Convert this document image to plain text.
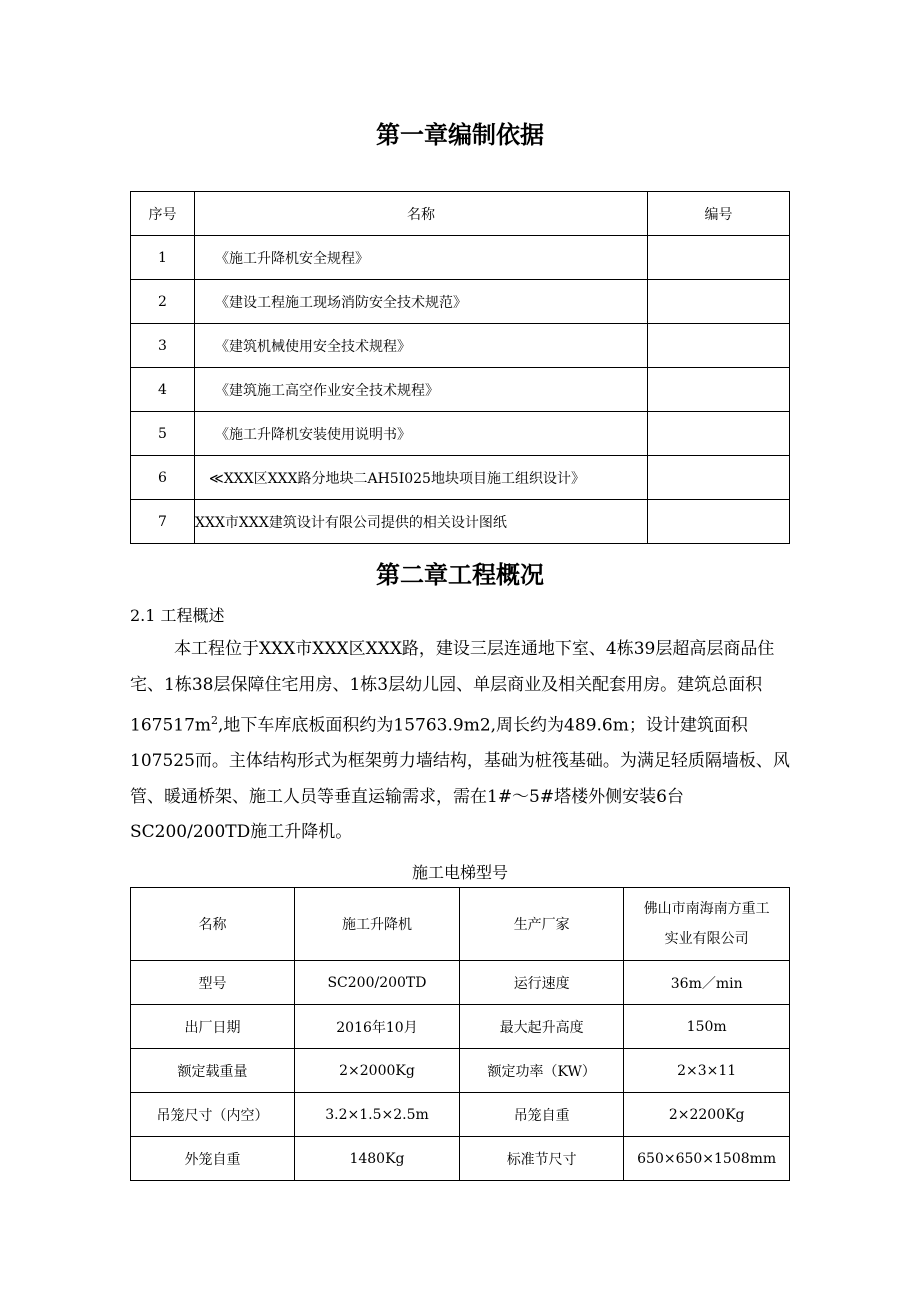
第一章编制依据
序号	名称	编号
1	《施工升降机安全规程》	
2	《建设工程施工现场消防安全技术规范》	
3	《建筑机械使用安全技术规程》	
4	《建筑施工高空作业安全技术规程》	
5	《施工升降机安装使用说明书》	
6	≪XXX区XXX路分地块二AH5I025地块项目施工组织设计》	
7	XXX市XXX建筑设计有限公司提供的相关设计图纸	
第二章工程概况
2.1 工程概述

本工程位于XXX市XXX区XXX路，建设三层连通地下室、4栋39层超高层商品住宅、1栋38层保障住宅用房、1栋3层幼儿园、单层商业及相关配套用房。建筑总面积$167517m^2$,地下车库底板面积约为15763.9m2,周长约为489.6m；设计建筑面积107525而。主体结构形式为框架剪力墙结构，基础为桩筏基础。为满足轻质隔墙板、风管、暖通桥架、施工人员等垂直运输需求，需在1#～5#塔楼外侧安装6台SC200/200TD施工升降机。

施工电梯型号
名称	施工升降机	生产厂家	佛山市南海南方重工
实业有限公司
型号	SC200/200TD	运行速度	36m／min
出厂日期	2016年10月	最大起升高度	150m
额定载重量	2×2000Kg	额定功率（KW）	2×3×11
吊笼尺寸（内空）	3.2×1.5×2.5m	吊笼自重	2×2200Kg
外笼自重	1480Kg	标准节尺寸	650×650×1508mm
